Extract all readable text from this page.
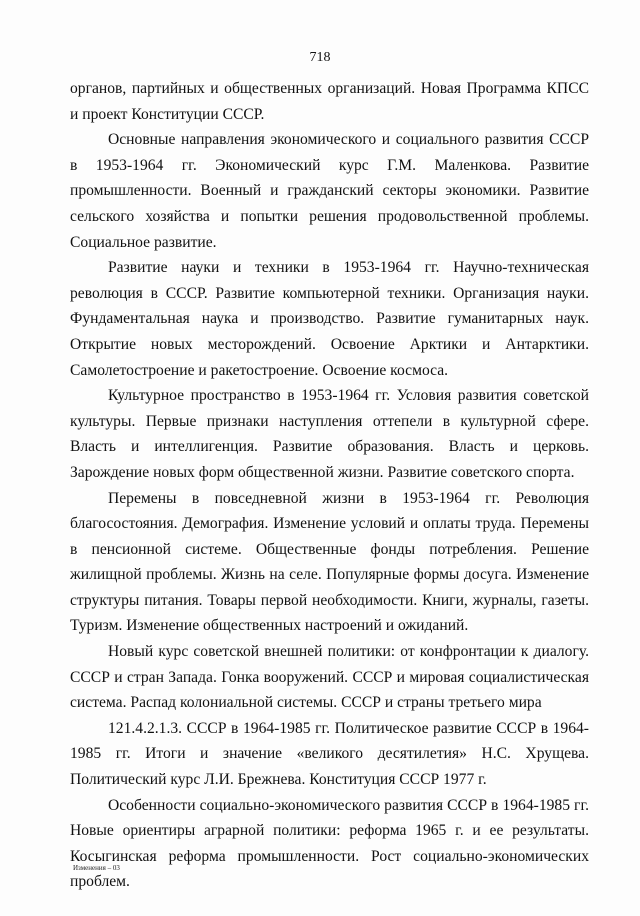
718

органов, партийных и общественных организаций. Новая Программа КПСС и проект Конституции СССР.

Основные направления экономического и социального развития СССР в 1953-1964 гг. Экономический курс Г.М. Маленкова. Развитие промышленности. Военный и гражданский секторы экономики. Развитие сельского хозяйства и попытки решения продовольственной проблемы. Социальное развитие.

Развитие науки и техники в 1953-1964 гг. Научно-техническая революция в СССР. Развитие компьютерной техники. Организация науки. Фундаментальная наука и производство. Развитие гуманитарных наук. Открытие новых месторождений. Освоение Арктики и Антарктики. Самолетостроение и ракетостроение. Освоение космоса.

Культурное пространство в 1953-1964 гг. Условия развития советской культуры. Первые признаки наступления оттепели в культурной сфере. Власть и интеллигенция. Развитие образования. Власть и церковь. Зарождение новых форм общественной жизни. Развитие советского спорта.

Перемены в повседневной жизни в 1953-1964 гг. Революция благосостояния. Демография. Изменение условий и оплаты труда. Перемены в пенсионной системе. Общественные фонды потребления. Решение жилищной проблемы. Жизнь на селе. Популярные формы досуга. Изменение структуры питания. Товары первой необходимости. Книги, журналы, газеты. Туризм. Изменение общественных настроений и ожиданий.

Новый курс советской внешней политики: от конфронтации к диалогу. СССР и стран Запада. Гонка вооружений. СССР и мировая социалистическая система. Распад колониальной системы. СССР и страны третьего мира

121.4.2.1.3. СССР в 1964-1985 гг. Политическое развитие СССР в 1964-1985 гг. Итоги и значение «великого десятилетия» Н.С. Хрущева. Политический курс Л.И. Брежнева. Конституция СССР 1977 г.

Особенности социально-экономического развития СССР в 1964-1985 гг. Новые ориентиры аграрной политики: реформа 1965 г. и ее результаты. Косыгинская реформа промышленности. Рост социально-экономических проблем.

Изменения – 03
